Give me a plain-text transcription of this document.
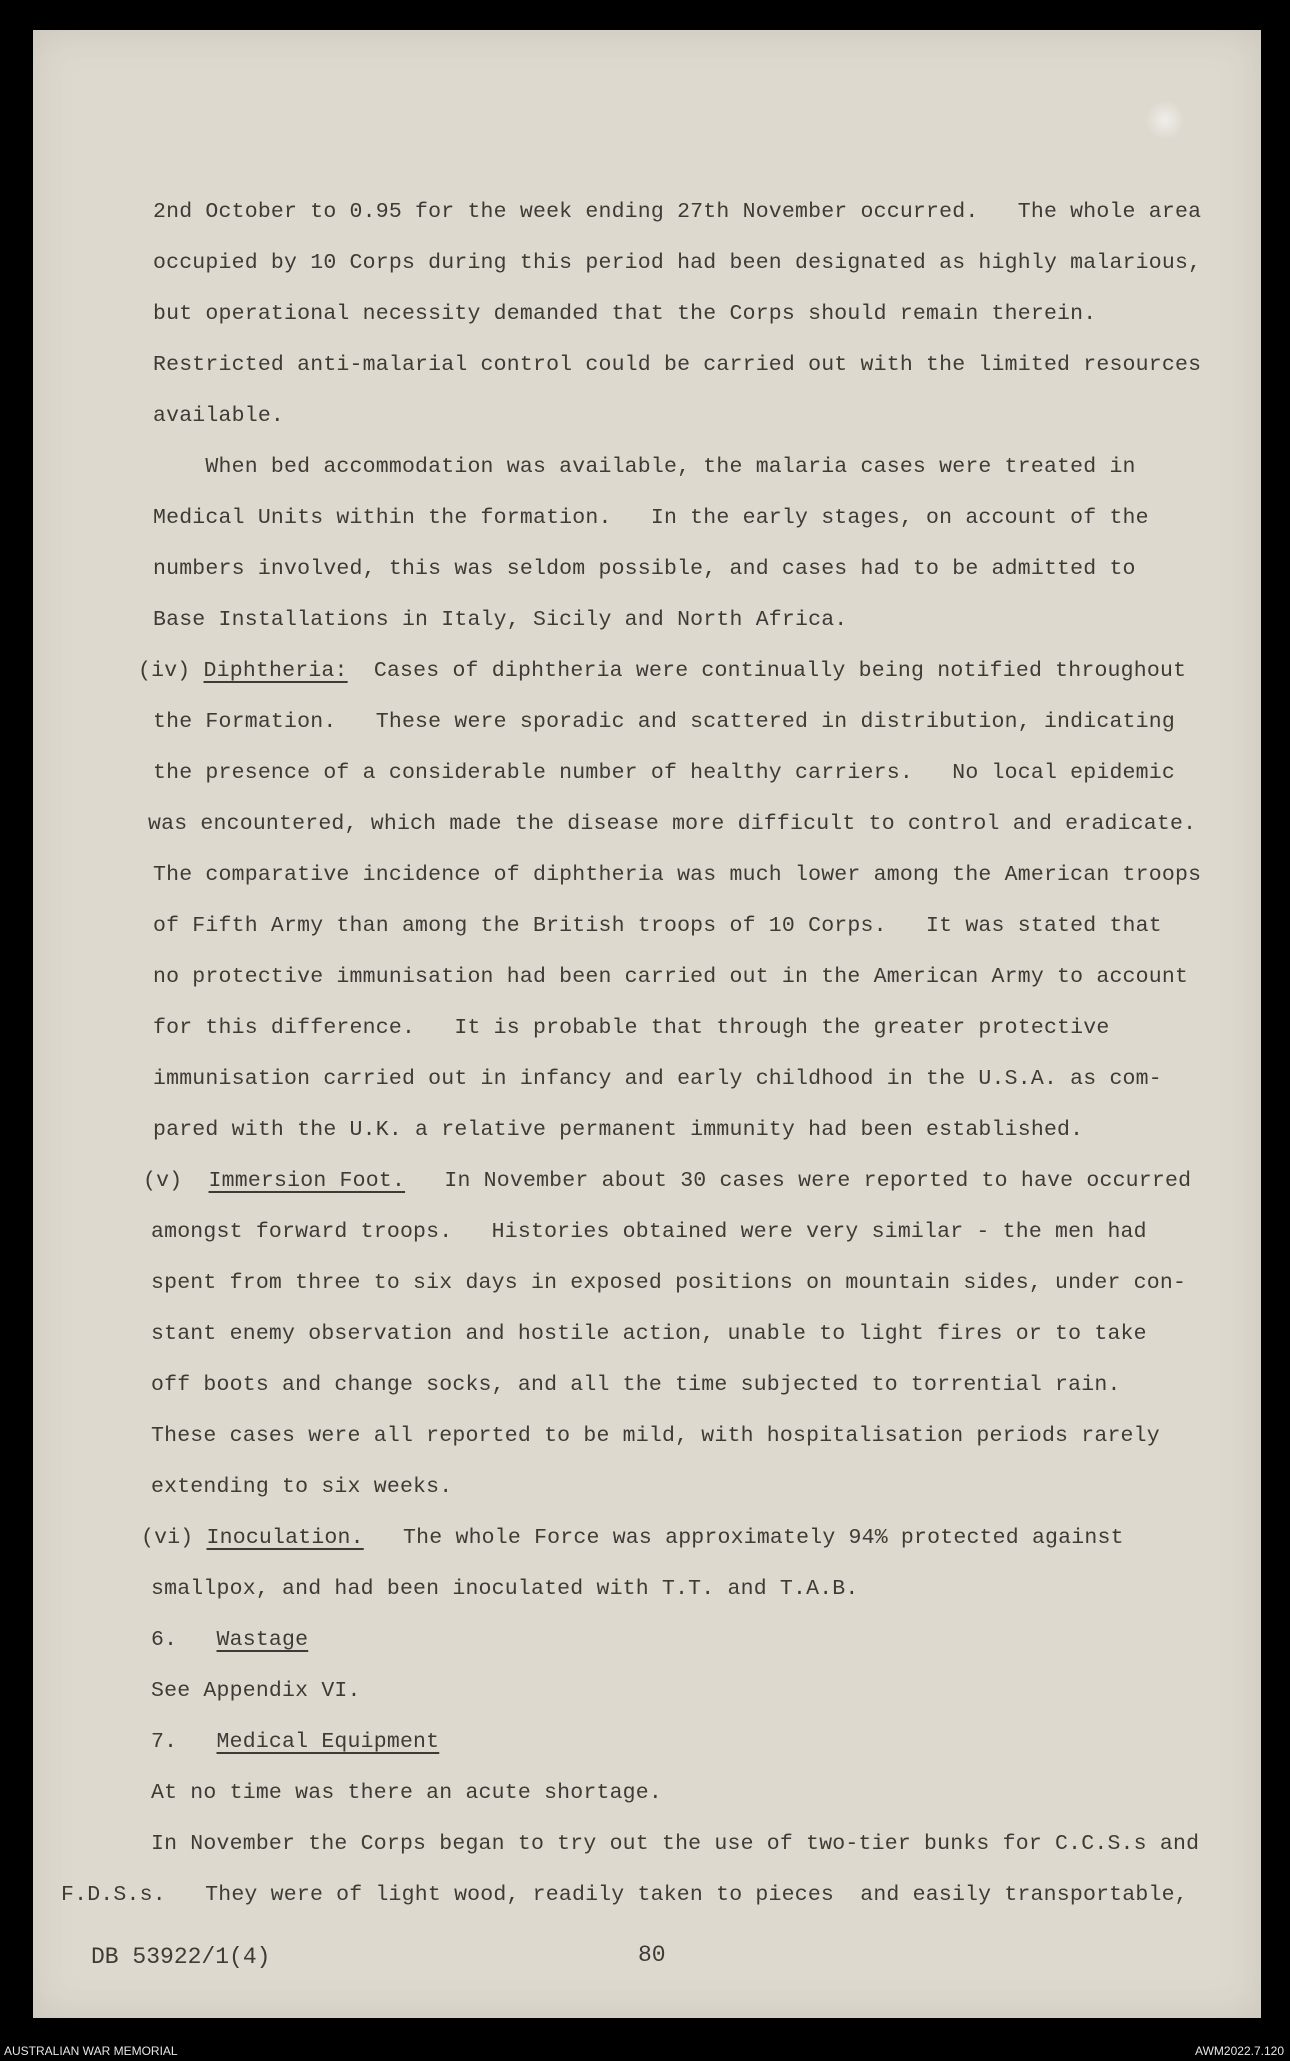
2nd October to 0.95 for the week ending 27th November occurred.   The whole area
occupied by 10 Corps during this period had been designated as highly malarious,
but operational necessity demanded that the Corps should remain therein.
Restricted anti-malarial control could be carried out with the limited resources
available.
When bed accommodation was available, the malaria cases were treated in
Medical Units within the formation.   In the early stages, on account of the
numbers involved, this was seldom possible, and cases had to be admitted to
Base Installations in Italy, Sicily and North Africa.
(iv) Diphtheria:  Cases of diphtheria were continually being notified throughout
the Formation.   These were sporadic and scattered in distribution, indicating
the presence of a considerable number of healthy carriers.   No local epidemic
was encountered, which made the disease more difficult to control and eradicate.
The comparative incidence of diphtheria was much lower among the American troops
of Fifth Army than among the British troops of 10 Corps.   It was stated that
no protective immunisation had been carried out in the American Army to account
for this difference.   It is probable that through the greater protective
immunisation carried out in infancy and early childhood in the U.S.A. as com-
pared with the U.K. a relative permanent immunity had been established.
(v)  Immersion Foot.   In November about 30 cases were reported to have occurred
amongst forward troops.   Histories obtained were very similar - the men had
spent from three to six days in exposed positions on mountain sides, under con-
stant enemy observation and hostile action, unable to light fires or to take
off boots and change socks, and all the time subjected to torrential rain.
These cases were all reported to be mild, with hospitalisation periods rarely
extending to six weeks.
(vi) Inoculation.   The whole Force was approximately 94% protected against
smallpox, and had been inoculated with T.T. and T.A.B.
6.   Wastage
See Appendix VI.
7.   Medical Equipment
At no time was there an acute shortage.
In November the Corps began to try out the use of two-tier bunks for C.C.S.s and
F.D.S.s.   They were of light wood, readily taken to pieces  and easily transportable,
DB 53922/1(4)	80
AUSTRALIAN WAR MEMORIAL	AWM2022.7.120
